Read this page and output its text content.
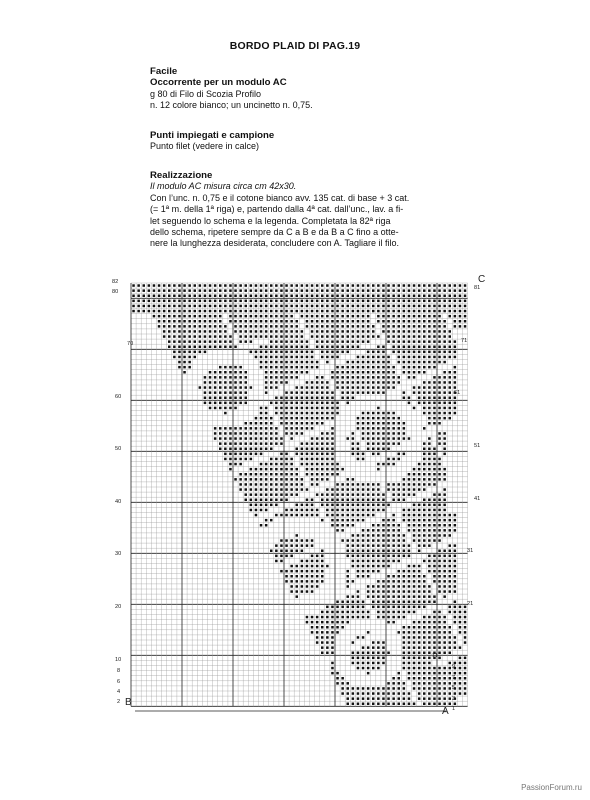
BORDO PLAID DI PAG.19
Facile
Occorrente per un modulo AC
g 80 di Filo di Scozia Profilo
n. 12 colore bianco; un uncinetto n. 0,75.
Punti impiegati e campione
Punto filet (vedere in calce)
Realizzazione
Il modulo AC misura circa cm 42x30.
Con l’unc. n. 0,75 e il cotone bianco avv. 135 cat. di base + 3 cat.
(= 1ª m. della 1ª riga) e, partendo dalla 4ª cat. dall’unc., lav. a fi-
let seguendo lo schema e la legenda. Completata la 82ª riga
dello schema, ripetere sempre da C a B e da B a C fino a otte-
nere la lunghezza desiderata, concludere con A. Tagliare il filo.
82
80
70
60
50
40
30
20
10
8
6
4
2
81
71
61
51
41
31
21
11
9
7
5
3
1
C
B
A
PassionForum.ru
